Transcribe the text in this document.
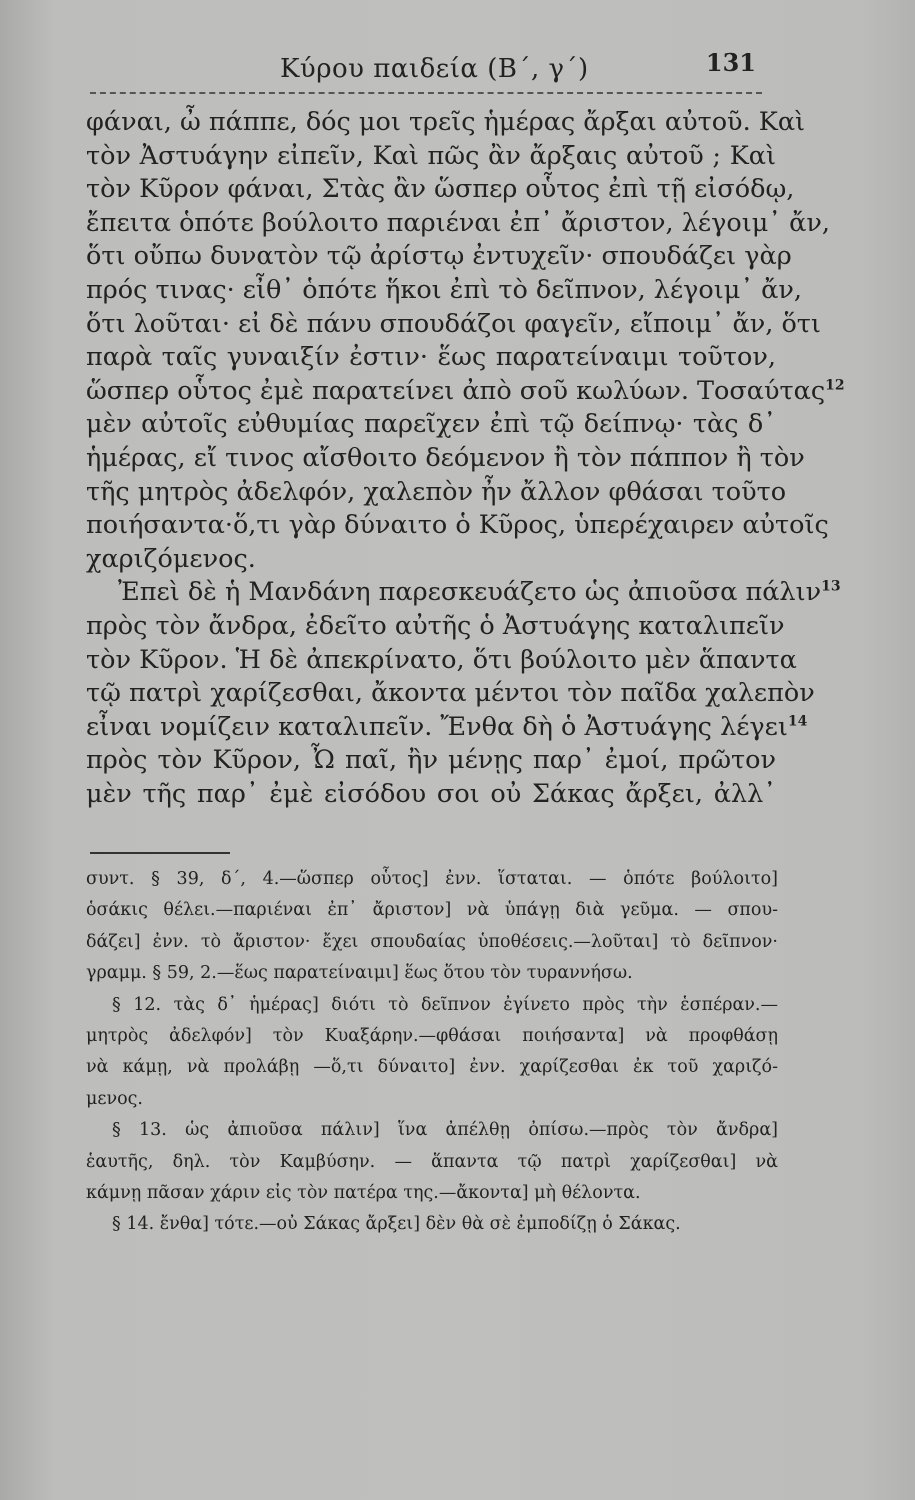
Κύρου παιδεία (Β΄, γ΄)	131
φάναι, ὦ πάππε, δός μοι τρεῖς ἡμέρας ἄρξαι αὐτοῦ. Καὶ
τὸν Ἀστυάγην εἰπεῖν, Καὶ πῶς ἂν ἄρξαις αὐτοῦ ; Καὶ
τὸν Κῦρον φάναι, Στὰς ἂν ὥσπερ οὗτος ἐπὶ τῇ εἰσόδῳ,
ἔπειτα ὁπότε βούλοιτο παριέναι ἐπ᾽ ἄριστον, λέγοιμ᾽ ἄν,
ὅτι οὔπω δυνατὸν τῷ ἀρίστῳ ἐντυχεῖν· σπουδάζει γὰρ
πρός τινας· εἶθ᾽ ὁπότε ἥκοι ἐπὶ τὸ δεῖπνον, λέγοιμ᾽ ἄν,
ὅτι λοῦται· εἰ δὲ πάνυ σπουδάζοι φαγεῖν, εἴποιμ᾽ ἄν, ὅτι
παρὰ ταῖς γυναιξίν ἐστιν· ἕως παρατείναιμι τοῦτον,
ὥσπερ οὗτος ἐμὲ παρατείνει ἀπὸ σοῦ κωλύων. Τοσαύτας$^{12}$
μὲν αὐτοῖς εὐθυμίας παρεῖχεν ἐπὶ τῷ δείπνῳ· τὰς δ᾽
ἡμέρας, εἴ τινος αἴσθοιτο δεόμενον ἢ τὸν πάππον ἢ τὸν
τῆς μητρὸς ἀδελφόν, χαλεπὸν ἦν ἄλλον φθάσαι τοῦτο
ποιήσαντα·ὅ,τι γὰρ δύναιτο ὁ Κῦρος, ὑπερέχαιρεν αὐτοῖς
χαριζόμενος.
Ἐπεὶ δὲ ἡ Μανδάνη παρεσκευάζετο ὡς ἀπιοῦσα πάλιν$^{13}$
πρὸς τὸν ἄνδρα, ἐδεῖτο αὐτῆς ὁ Ἀστυάγης καταλιπεῖν
τὸν Κῦρον. Ἡ δὲ ἀπεκρίνατο, ὅτι βούλοιτο μὲν ἅπαντα
τῷ πατρὶ χαρίζεσθαι, ἄκοντα μέντοι τὸν παῖδα χαλεπὸν
εἶναι νομίζειν καταλιπεῖν. Ἔνθα δὴ ὁ Ἀστυάγης λέγει$^{14}$
πρὸς τὸν Κῦρον, Ὦ παῖ, ἢν μένῃς παρ᾽ ἐμοί, πρῶτον
μὲν τῆς παρ᾽ ἐμὲ εἰσόδου σοι οὐ Σάκας ἄρξει, ἀλλ᾽
συντ. § 39, δ΄, 4.—ὥσπερ οὗτος] ἐνν. ἵσταται. — ὁπότε βούλοιτο]
ὁσάκις θέλει.—παριέναι ἐπ᾽ ἄριστον] νὰ ὑπάγῃ διὰ γεῦμα. — σπου-
δάζει] ἐνν. τὸ ἄριστον· ἔχει σπουδαίας ὑποθέσεις.—λοῦται] τὸ δεῖπνον·
γραμμ. § 59, 2.—ἕως παρατείναιμι] ἕως ὅτου τὸν τυραννήσω.
§ 12. τὰς δ᾽ ἡμέρας] διότι τὸ δεῖπνον ἐγίνετο πρὸς τὴν ἑσπέραν.—
μητρὸς ἀδελφόν] τὸν Κυαξάρην.—φθάσαι ποιήσαντα] νὰ προφθάσῃ
νὰ κάμῃ, νὰ προλάβῃ —ὅ,τι δύναιτο] ἐνν. χαρίζεσθαι ἐκ τοῦ χαριζό-
μενος.
§ 13. ὡς ἀπιοῦσα πάλιν] ἵνα ἀπέλθῃ ὀπίσω.—πρὸς τὸν ἄνδρα]
ἑαυτῆς, δηλ. τὸν Καμβύσην. — ἅπαντα τῷ πατρὶ χαρίζεσθαι] νὰ
κάμνῃ πᾶσαν χάριν εἰς τὸν πατέρα της.—ἄκοντα] μὴ θέλοντα.
§ 14. ἔνθα] τότε.—οὐ Σάκας ἄρξει] δὲν θὰ σὲ ἐμποδίζῃ ὁ Σάκας.
